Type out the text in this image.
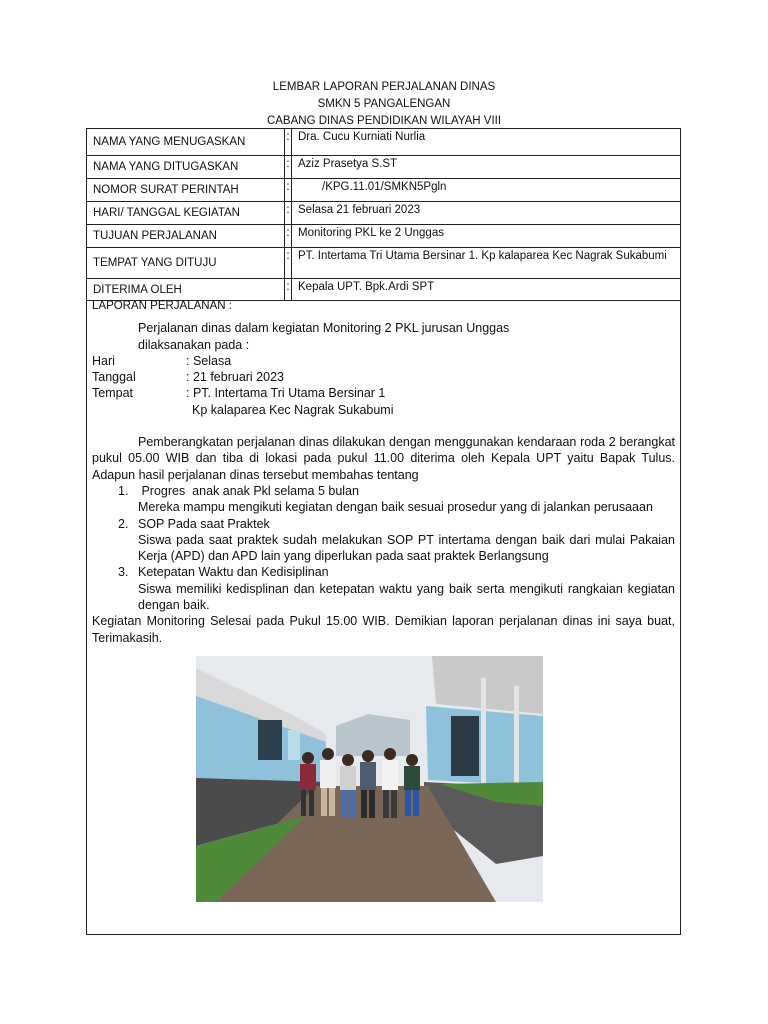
LEMBAR LAPORAN PERJALANAN DINAS
SMKN 5 PANGALENGAN
CABANG DINAS PENDIDIKAN WILAYAH VIII
NAMA YANG MENUGASKAN	:	Dra. Cucu Kurniati Nurlia
NAMA YANG DITUGASKAN	:	Aziz Prasetya S.ST
NOMOR SURAT PERINTAH	:	/KPG.11.01/SMKN5Pgln
HARI/ TANGGAL KEGIATAN	:	Selasa 21 februari 2023
TUJUAN PERJALANAN	:	Monitoring PKL ke 2 Unggas
TEMPAT YANG DITUJU	:	PT. Intertama Tri Utama Bersinar 1. Kp kalaparea Kec Nagrak Sukabumi
DITERIMA OLEH	:	Kepala UPT. Bpk.Ardi SPT

LAPORAN PERJALANAN :

Perjalanan dinas dalam kegiatan Monitoring 2 PKL jurusan Unggas

dilaksanakan pada :

Hari	: Selasa
Tanggal	: 21 februari 2023
Tempat	: PT. Intertama Tri Utama Bersinar 1
Kp kalaparea Kec Nagrak Sukabumi

Pemberangkatan perjalanan dinas dilakukan dengan menggunakan kendaraan roda 2 berangkat pukul 05.00 WIB dan tiba di lokasi pada pukul 11.00 diterima oleh Kepala UPT yaitu Bapak Tulus. Adapun hasil perjalanan dinas tersebut membahas tentang

1. Progres  anak anak Pkl selama 5 bulan

Mereka mampu mengikuti kegiatan dengan baik sesuai prosedur yang di jalankan perusaaan

2. SOP Pada saat Praktek

Siswa pada saat praktek sudah melakukan SOP PT intertama dengan baik dari mulai Pakaian Kerja (APD) dan APD lain yang diperlukan pada saat praktek Berlangsung

3. Ketepatan Waktu dan Kedisiplinan

Siswa memiliki kedisplinan dan ketepatan waktu yang baik serta mengikuti rangkaian kegiatan dengan baik.

Kegiatan Monitoring Selesai pada Pukul 15.00 WIB. Demikian laporan perjalanan dinas ini saya buat, Terimakasih.
